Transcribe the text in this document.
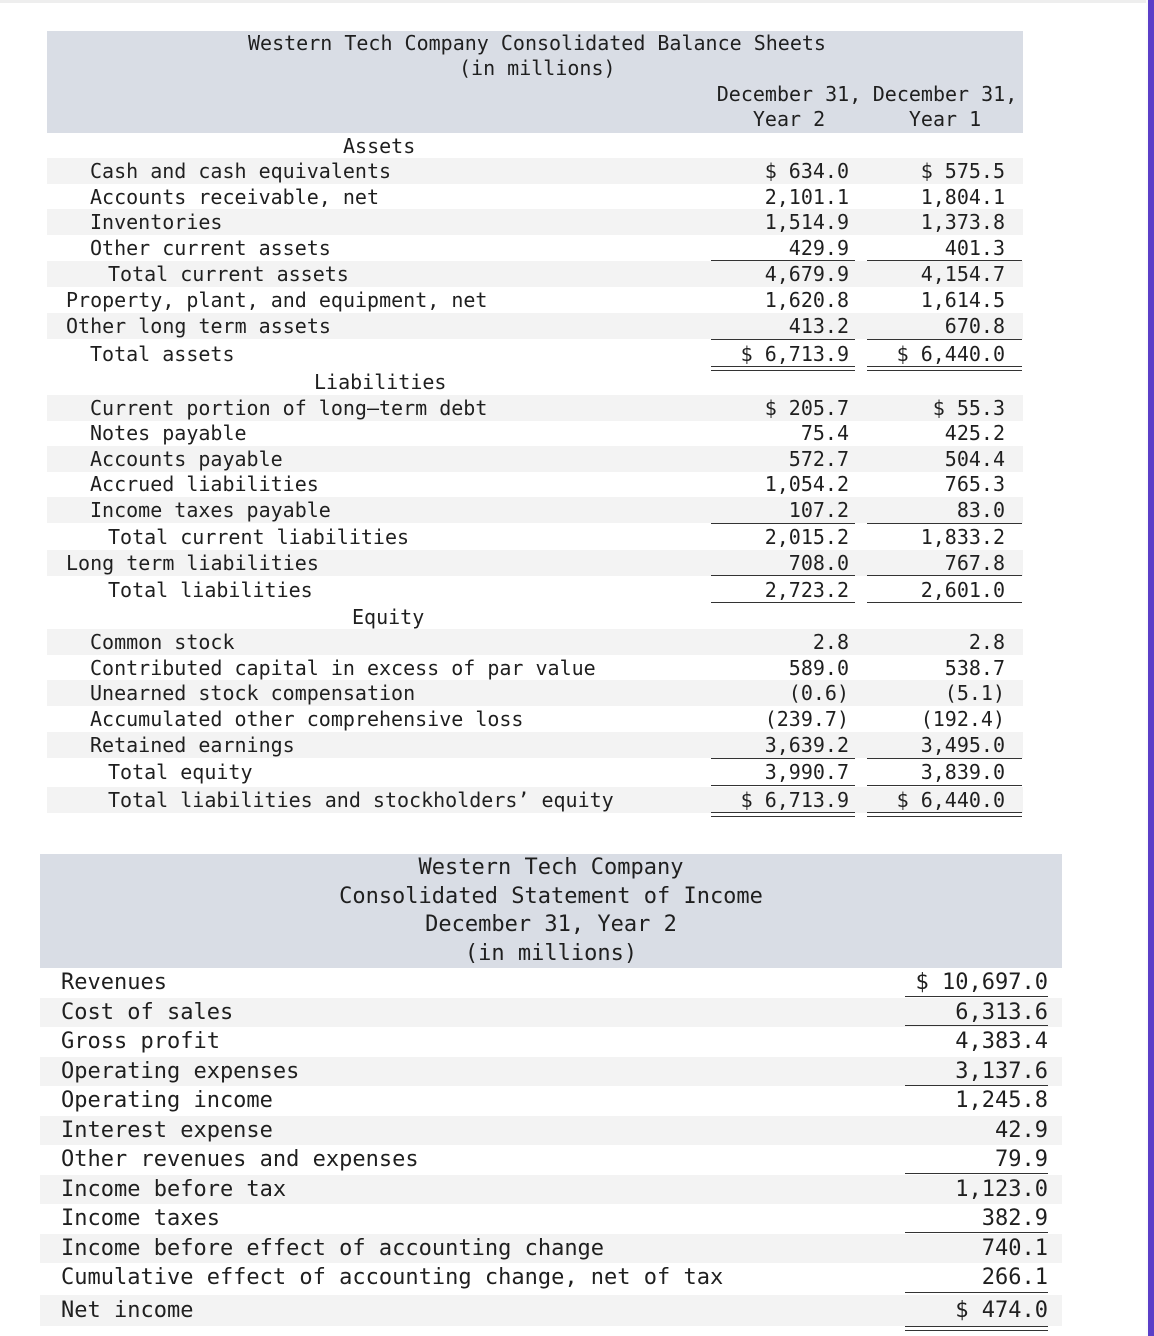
Western Tech Company Consolidated Balance Sheets
(in millions)
December 31,
Year 2
December 31,
Year 1
Assets
Cash and cash equivalents	$ 634.0	$ 575.5
Accounts receivable, net	2,101.1	1,804.1
Inventories	1,514.9	1,373.8
Other current assets	429.9	401.3
Total current assets	4,679.9	4,154.7
Property, plant, and equipment, net	1,620.8	1,614.5
Other long term assets	413.2	670.8
Total assets	$ 6,713.9 $ 6,440.0
Liabilities
Current portion of long–term debt	$ 205.7	$ 55.3
Notes payable	75.4	425.2
Accounts payable	572.7	504.4
Accrued liabilities	1,054.2	765.3
Income taxes payable	107.2	83.0
Total current liabilities	2,015.2	1,833.2
Long term liabilities	708.0	767.8
Total liabilities	2,723.2	2,601.0
Equity
Common stock	2.8	2.8
Contributed capital in excess of par value	589.0	538.7
Unearned stock compensation	(0.6)	(5.1)
Accumulated other comprehensive loss	(239.7)	(192.4)
Retained earnings	3,639.2	3,495.0
Total equity	3,990.7	3,839.0
Total liabilities and stockholders’ equity	$ 6,713.9 $ 6,440.0
Western Tech Company
Consolidated Statement of Income
December 31, Year 2
(in millions)
Revenues	$ 10,697.0
Cost of sales	6,313.6
Gross profit	4,383.4
Operating expenses	3,137.6
Operating income	1,245.8
Interest expense	42.9
Other revenues and expenses	79.9
Income before tax	1,123.0
Income taxes	382.9
Income before effect of accounting change	740.1
Cumulative effect of accounting change, net of tax	266.1
Net income	$ 474.0
